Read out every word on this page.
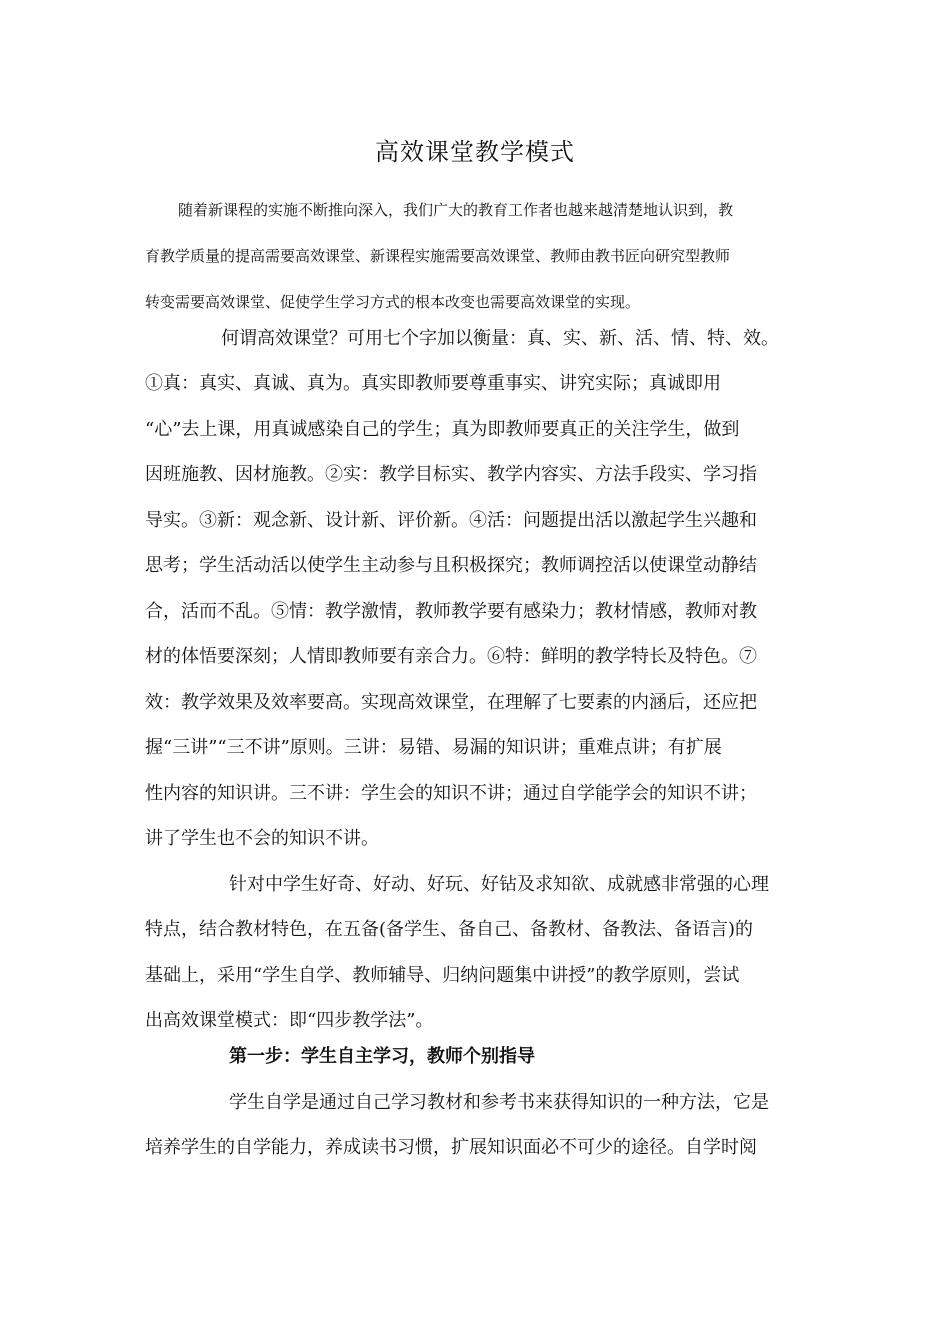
高效课堂教学模式
随着新课程的实施不断推向深入，我们广大的教育工作者也越来越清楚地认识到，教
育教学质量的提高需要高效课堂、新课程实施需要高效课堂、教师由教书匠向研究型教师
转变需要高效课堂、促使学生学习方式的根本改变也需要高效课堂的实现。
何谓高效课堂？可用七个字加以衡量：真、实、新、活、情、特、效。
①真：真实、真诚、真为。真实即教师要尊重事实、讲究实际；真诚即用
“心”去上课，用真诚感染自己的学生；真为即教师要真正的关注学生，做到
因班施教、因材施教。②实：教学目标实、教学内容实、方法手段实、学习指
导实。③新：观念新、设计新、评价新。④活：问题提出活以激起学生兴趣和
思考；学生活动活以使学生主动参与且积极探究；教师调控活以使课堂动静结
合，活而不乱。⑤情：教学激情，教师教学要有感染力；教材情感，教师对教
材的体悟要深刻；人情即教师要有亲合力。⑥特：鲜明的教学特长及特色。⑦
效：教学效果及效率要高。实现高效课堂，在理解了七要素的内涵后，还应把
握“三讲”“三不讲”原则。三讲：易错、易漏的知识讲；重难点讲；有扩展
性内容的知识讲。三不讲：学生会的知识不讲；通过自学能学会的知识不讲；
讲了学生也不会的知识不讲。
针对中学生好奇、好动、好玩、好钻及求知欲、成就感非常强的心理
特点，结合教材特色，在五备(备学生、备自己、备教材、备教法、备语言)的
基础上，采用“学生自学、教师辅导、归纳问题集中讲授”的教学原则，尝试
出高效课堂模式：即“四步教学法”。
第一步：学生自主学习，教师个别指导
学生自学是通过自己学习教材和参考书来获得知识的一种方法，它是
培养学生的自学能力，养成读书习惯，扩展知识面必不可少的途径。自学时阅
